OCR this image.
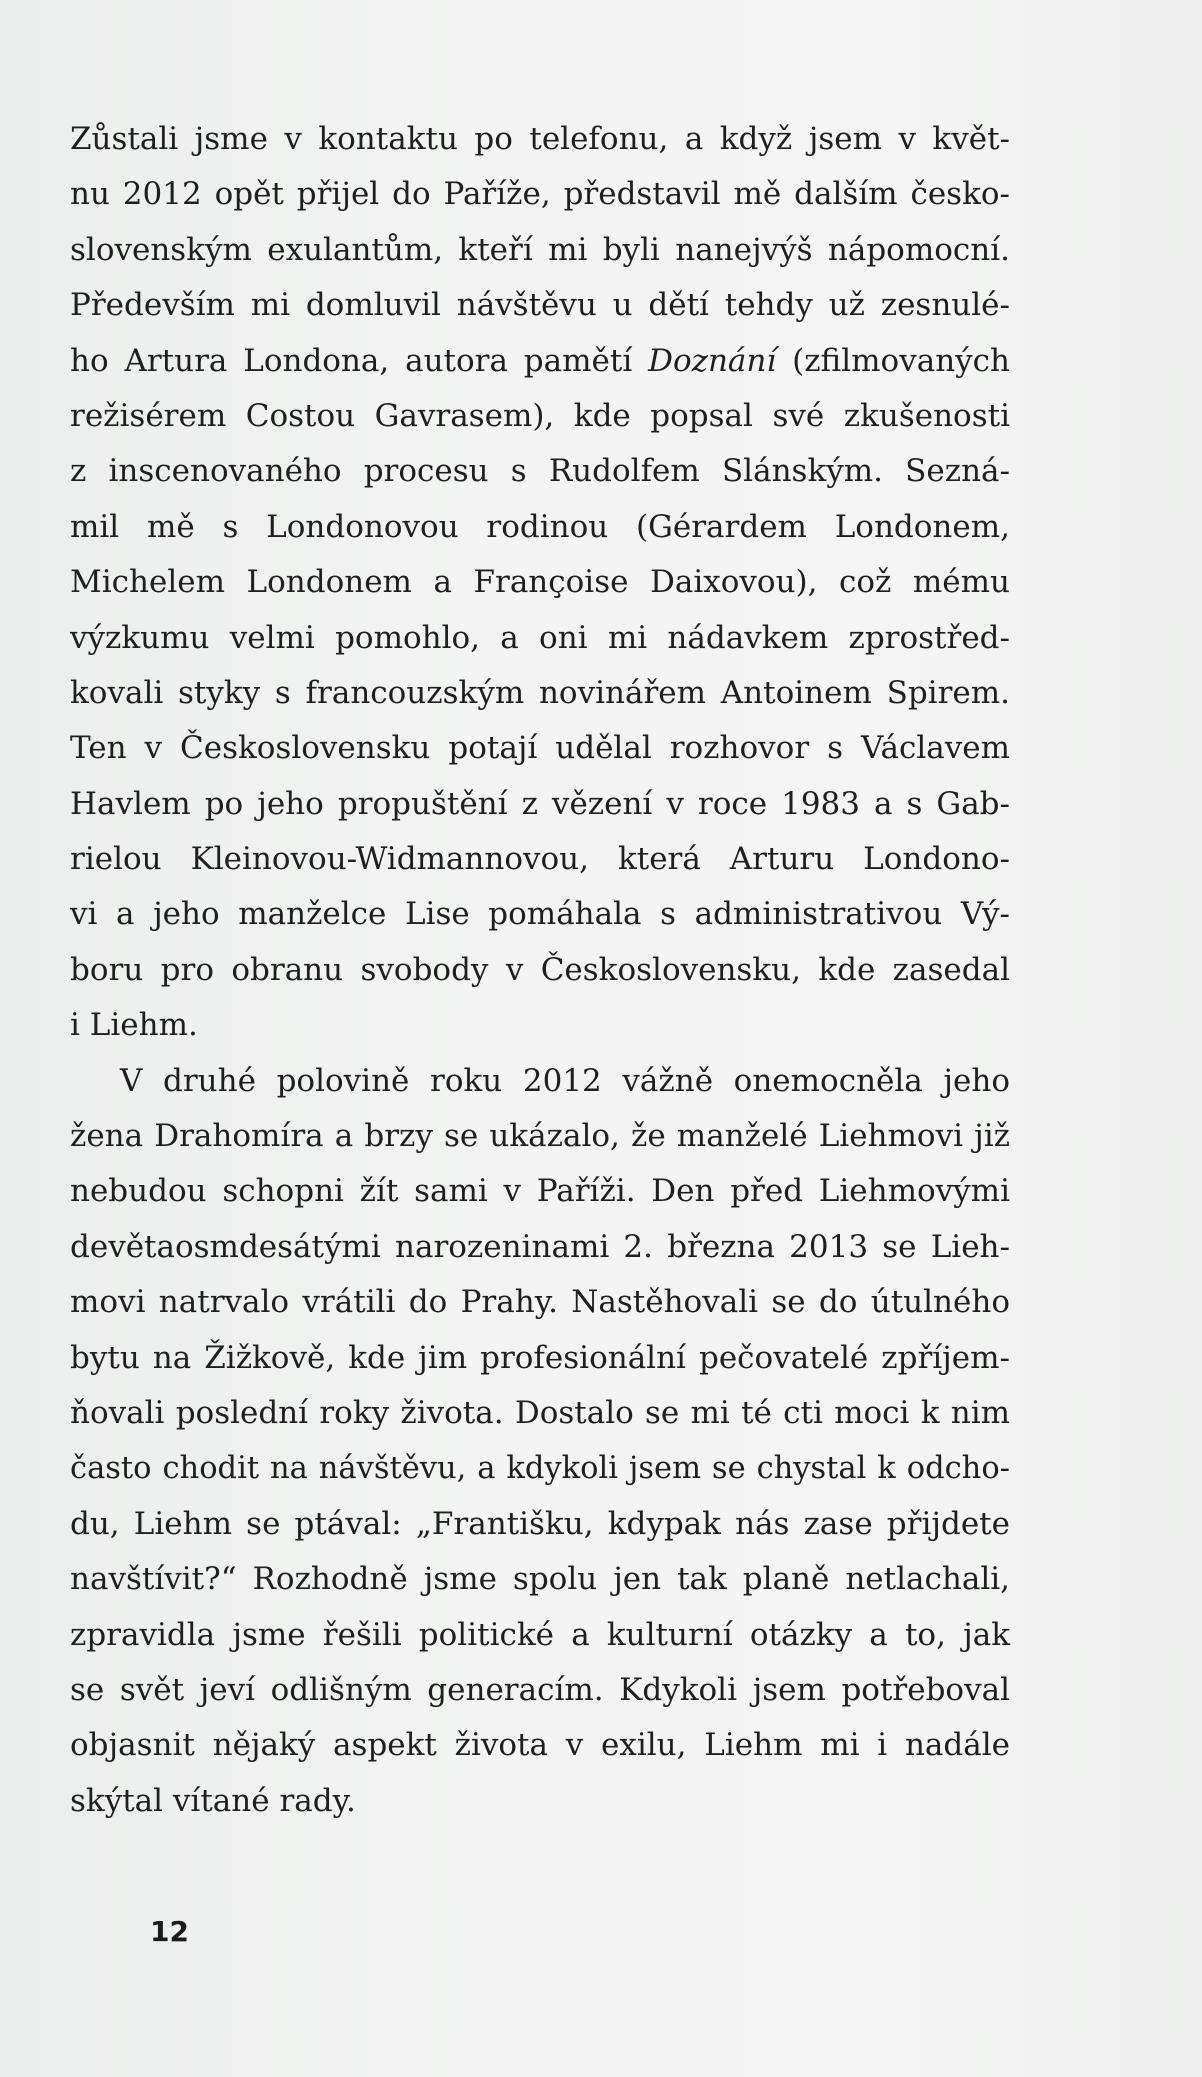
Zůstali jsme v kontaktu po telefonu, a když jsem v květ-
nu 2012 opět přijel do Paříže, představil mě dalším česko-
slovenským exulantům, kteří mi byli nanejvýš nápomocní.
Především mi domluvil návštěvu u dětí tehdy už zesnulé-
ho Artura Londona, autora pamětí Doznání (zfilmovaných
režisérem Costou Gavrasem), kde popsal své zkušenosti
z inscenovaného procesu s Rudolfem Slánským. Sezná-
mil mě s Londonovou rodinou (Gérardem Londonem,
Michelem Londonem a Françoise Daixovou), což mému
výzkumu velmi pomohlo, a oni mi nádavkem zprostřed-
kovali styky s francouzským novinářem Antoinem Spirem.
Ten v Československu potají udělal rozhovor s Václavem
Havlem po jeho propuštění z vězení v roce 1983 a s Gab-
rielou Kleinovou-Widmannovou, která Arturu Londono-
vi a jeho manželce Lise pomáhala s administrativou Vý-
boru pro obranu svobody v Československu, kde zasedal
i Liehm.
V druhé polovině roku 2012 vážně onemocněla jeho
žena Drahomíra a brzy se ukázalo, že manželé Liehmovi již
nebudou schopni žít sami v Paříži. Den před Liehmovými
devětaosmdesátými narozeninami 2. března 2013 se Lieh-
movi natrvalo vrátili do Prahy. Nastěhovali se do útulného
bytu na Žižkově, kde jim profesionální pečovatelé zpříjem-
ňovali poslední roky života. Dostalo se mi té cti moci k nim
často chodit na návštěvu, a kdykoli jsem se chystal k odcho-
du, Liehm se ptával: „Františku, kdypak nás zase přijdete
navštívit?“ Rozhodně jsme spolu jen tak planě netlachali,
zpravidla jsme řešili politické a kulturní otázky a to, jak
se svět jeví odlišným generacím. Kdykoli jsem potřeboval
objasnit nějaký aspekt života v exilu, Liehm mi i nadále
skýtal vítané rady.
12
